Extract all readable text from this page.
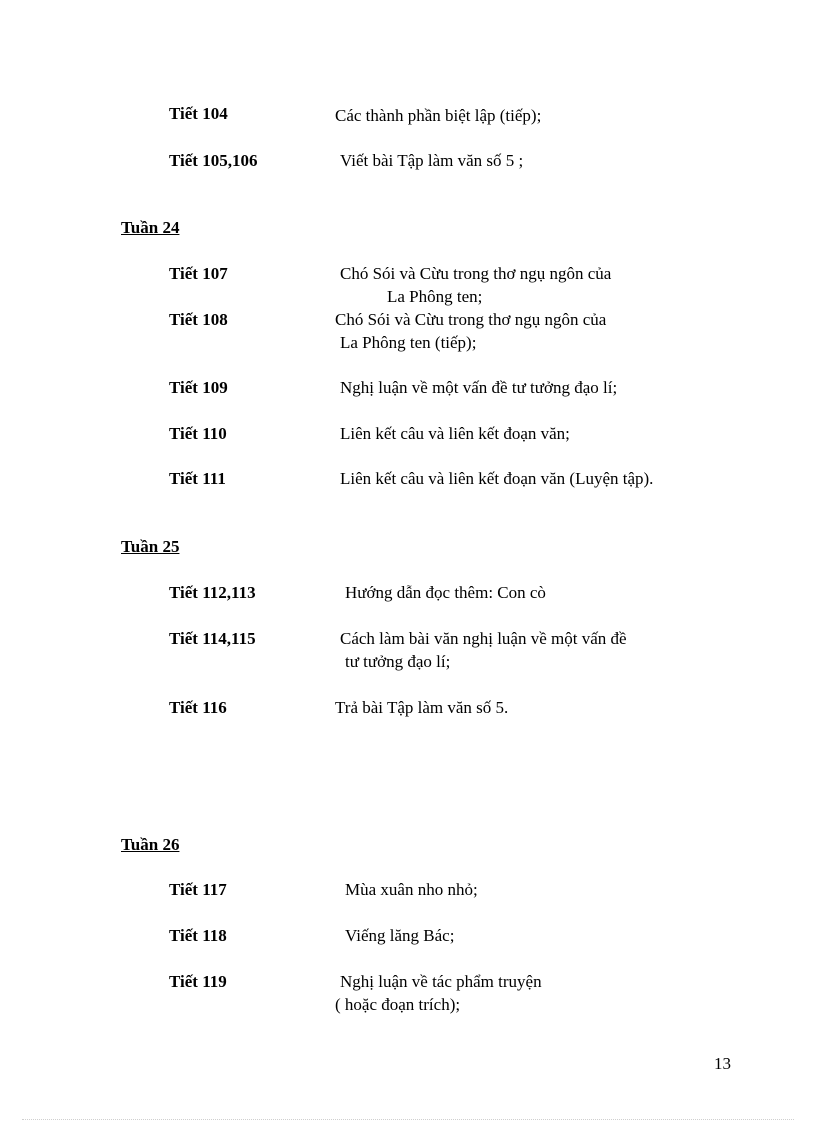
Tiết 104	Các thành phần biệt lập (tiếp);
Tiết 105,106	Viết bài Tập làm văn số 5 ;
Tuần 24
Tiết 107	Chó Sói và Cừu trong thơ ngụ ngôn của
La Phông ten;
Tiết 108	Chó Sói và Cừu trong thơ ngụ ngôn của
La Phông ten (tiếp);
Tiết 109	Nghị luận về một vấn đề tư tưởng đạo lí;
Tiết 110	Liên kết câu và liên kết đoạn văn;
Tiết 111	Liên kết câu và liên kết đoạn văn (Luyện tập).
Tuần 25
Tiết 112,113	Hướng dẫn đọc thêm: Con cò
Tiết 114,115	Cách làm bài văn nghị luận về một vấn đề
tư tưởng đạo lí;
Tiết 116	Trả bài Tập làm văn số 5.
Tuần 26
Tiết 117	Mùa xuân nho nhỏ;
Tiết 118	Viếng lăng Bác;
Tiết 119	Nghị luận về tác phẩm truyện
( hoặc đoạn trích);
13
